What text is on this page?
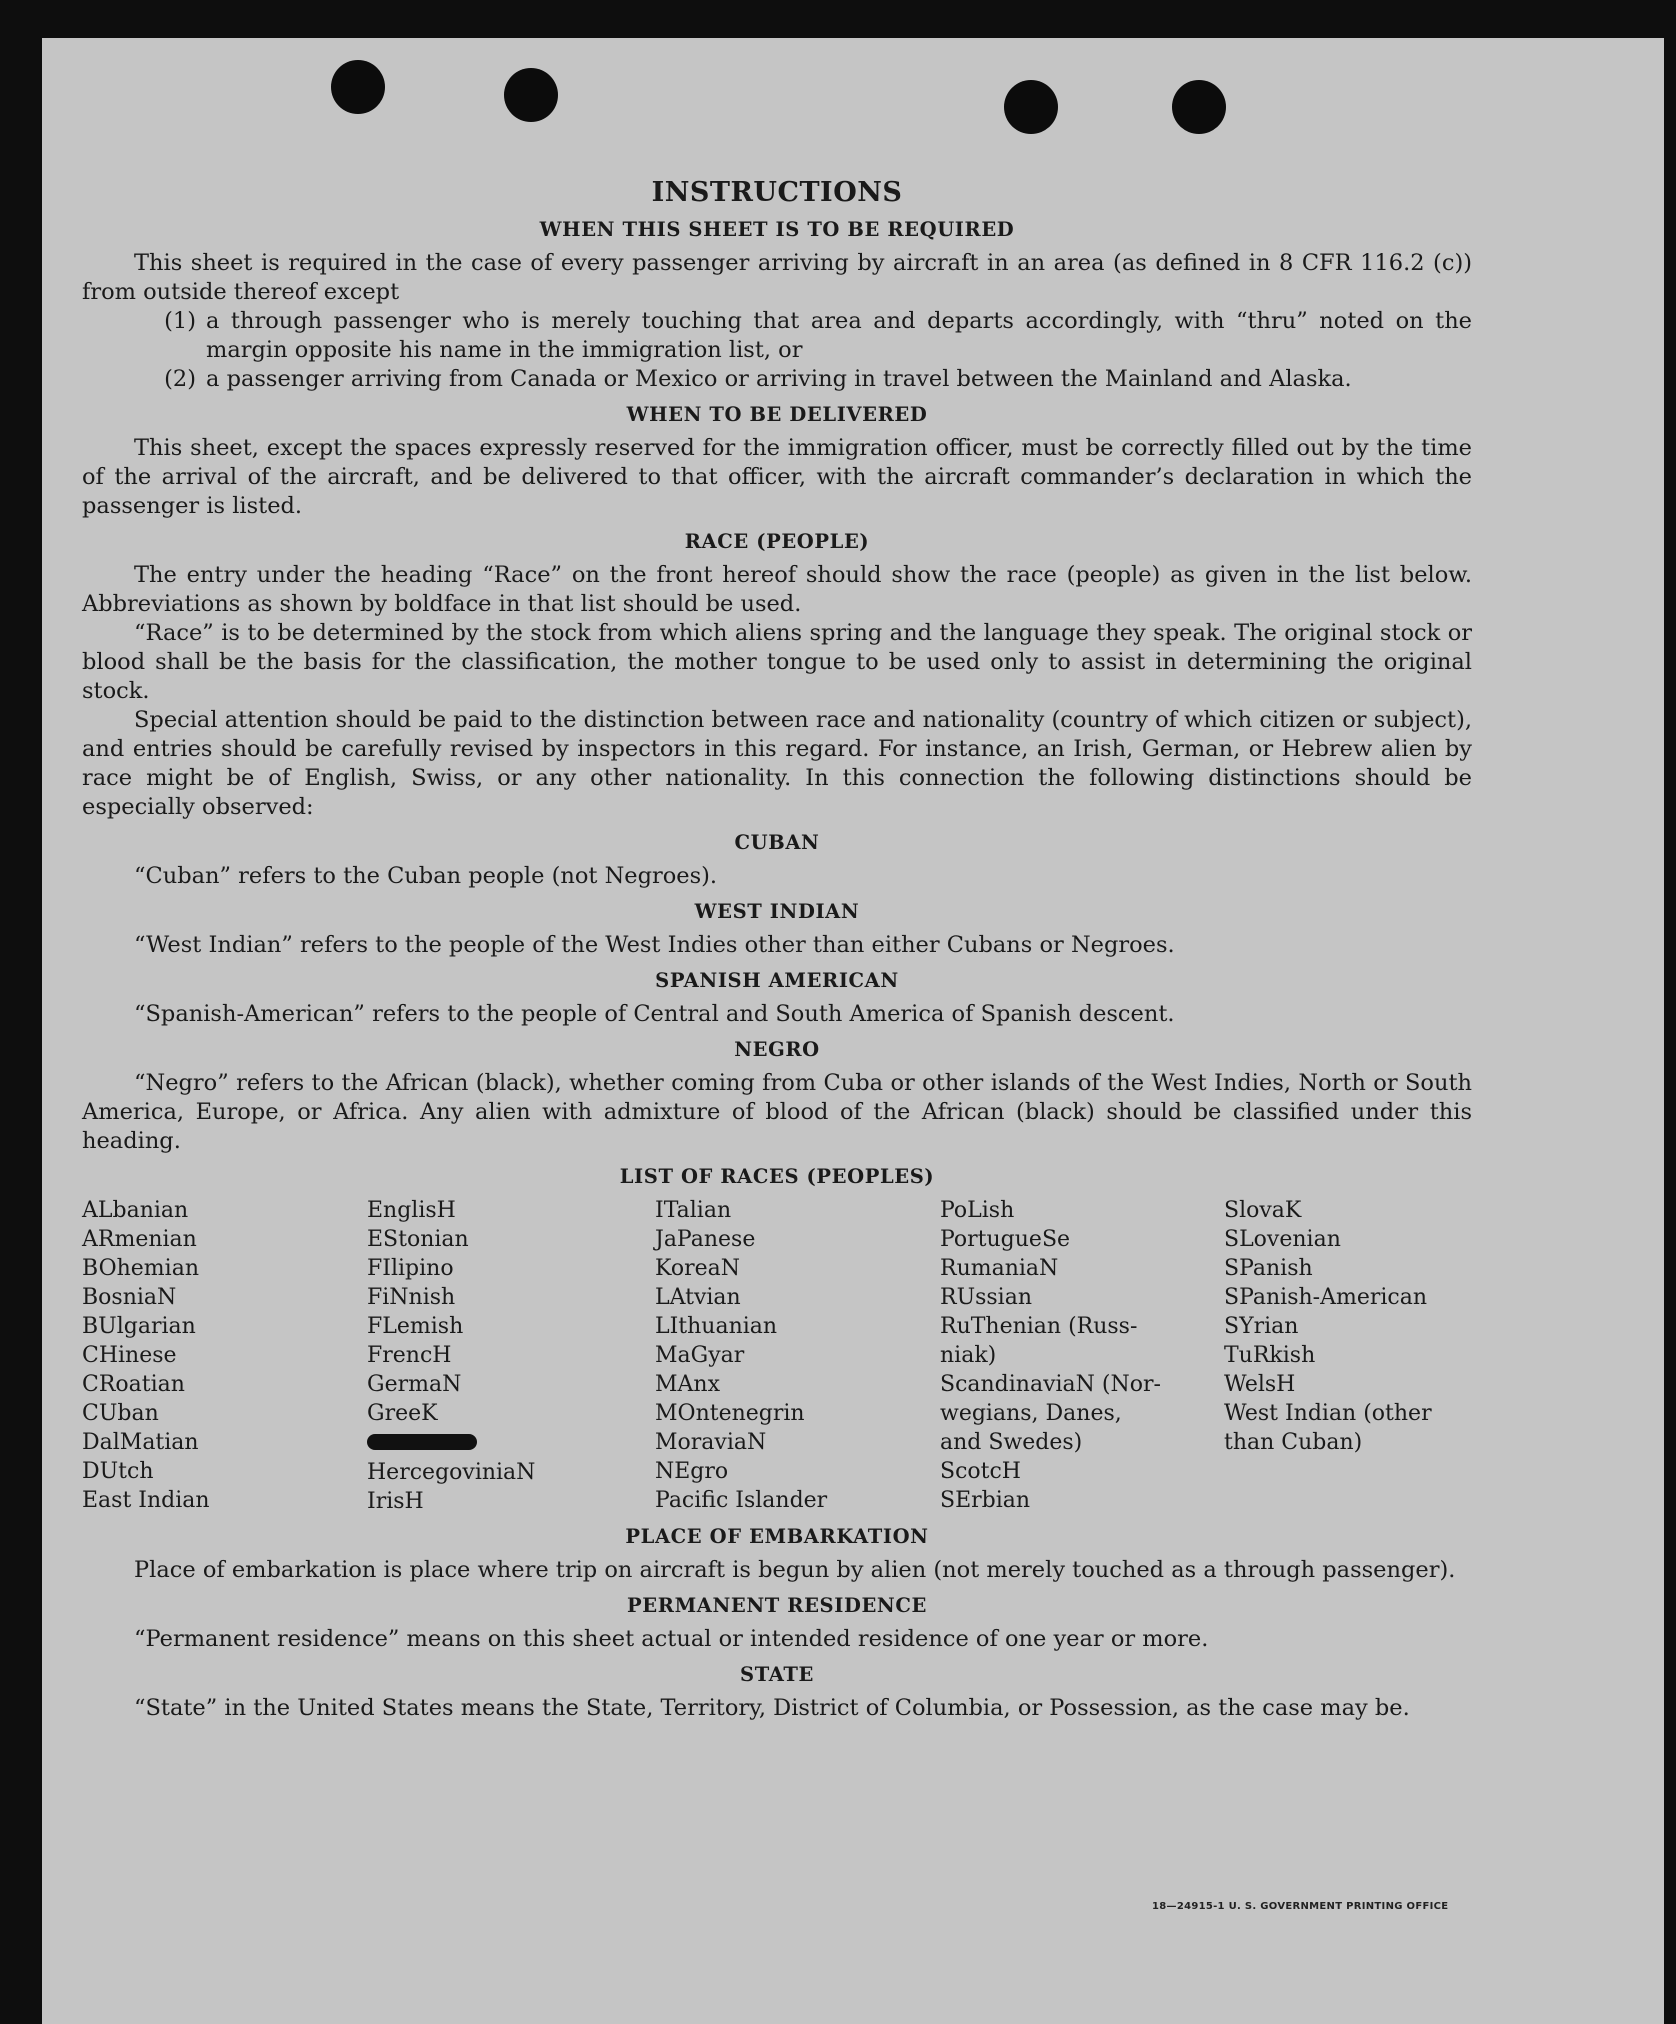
INSTRUCTIONS
WHEN THIS SHEET IS TO BE REQUIRED

This sheet is required in the case of every passenger arriving by aircraft in an area (as defined in 8 CFR 116.2 (c)) from outside thereof except

(1) a through passenger who is merely touching that area and departs accordingly, with “thru” noted on the margin opposite his name in the immigration list, or
(2) a passenger arriving from Canada or Mexico or arriving in travel between the Mainland and Alaska.
WHEN TO BE DELIVERED

This sheet, except the spaces expressly reserved for the immigration officer, must be correctly filled out by the time of the arrival of the aircraft, and be delivered to that officer, with the aircraft commander’s declaration in which the passenger is listed.

RACE (PEOPLE)

The entry under the heading “Race” on the front hereof should show the race (people) as given in the list below. Abbreviations as shown by boldface in that list should be used.

“Race” is to be determined by the stock from which aliens spring and the language they speak. The original stock or blood shall be the basis for the classification, the mother tongue to be used only to assist in determining the original stock.

Special attention should be paid to the distinction between race and nationality (country of which citizen or subject), and entries should be carefully revised by inspectors in this regard. For instance, an Irish, German, or Hebrew alien by race might be of English, Swiss, or any other nationality. In this connection the following distinctions should be especially observed:

CUBAN

“Cuban” refers to the Cuban people (not Negroes).

WEST INDIAN

“West Indian” refers to the people of the West Indies other than either Cubans or Negroes.

SPANISH AMERICAN

“Spanish-American” refers to the people of Central and South America of Spanish descent.

NEGRO

“Negro” refers to the African (black), whether coming from Cuba or other islands of the West Indies, North or South America, Europe, or Africa. Any alien with admixture of blood of the African (black) should be classified under this heading.

LIST OF RACES (PEOPLES)
ALbanian
ARmenian
BOhemian
BosniaN
BUlgarian
CHinese
CRoatian
CUban
DalMatian
DUtch
East Indian
EnglisH
EStonian
FIlipino
FiNnish
FLemish
FrencH
GermaN
GreeK
HercegoviniaN
IrisH
ITalian
JaPanese
KoreaN
LAtvian
LIthuanian
MaGyar
MAnx
MOntenegrin
MoraviaN
NEgro
Pacific Islander
PoLish
PortugueSe
RumaniaN
RUssian
RuThenian (Russ-
niak)
ScandinaviaN (Nor-
wegians, Danes,
and Swedes)
ScotcH
SErbian
SlovaK
SLovenian
SPanish
SPanish-American
SYrian
TuRkish
WelsH
West Indian (other
than Cuban)
PLACE OF EMBARKATION

Place of embarkation is place where trip on aircraft is begun by alien (not merely touched as a through passenger).

PERMANENT RESIDENCE

“Permanent residence” means on this sheet actual or intended residence of one year or more.

STATE

“State” in the United States means the State, Territory, District of Columbia, or Possession, as the case may be.

18—24915-1 U. S. GOVERNMENT PRINTING OFFICE
